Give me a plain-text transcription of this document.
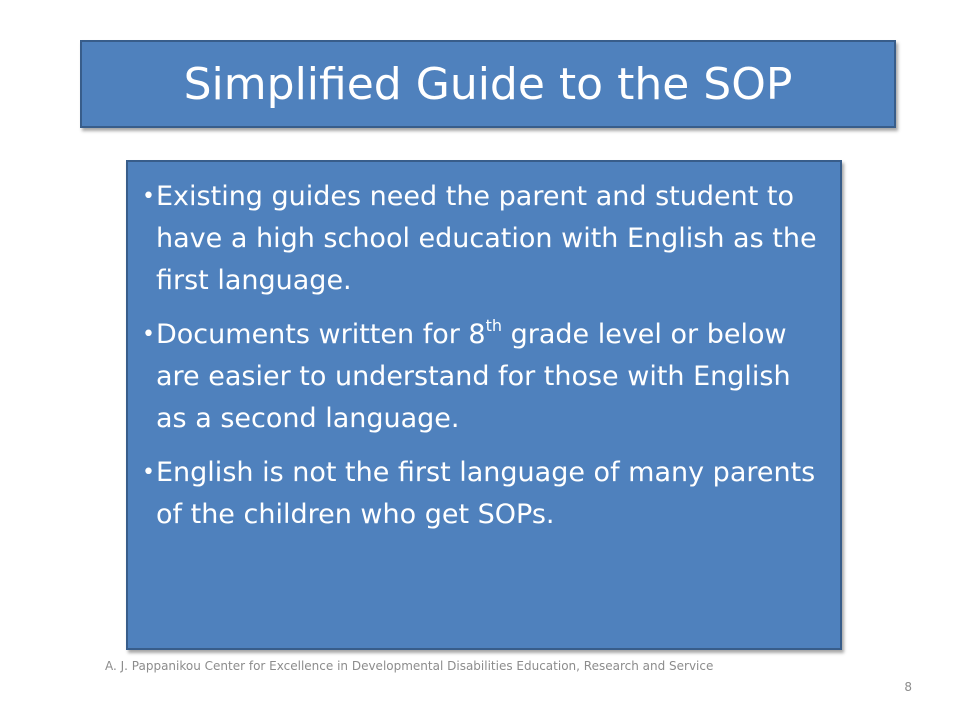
Simplified Guide to the SOP
• Existing guides need the parent and student to have a high school education with English as the first language.
• Documents written for 8th grade level or below are easier to understand for those with English as a second language.
• English is not the first language of many parents of the children who get SOPs.
A. J. Pappanikou Center for Excellence in Developmental Disabilities Education, Research and Service
8
